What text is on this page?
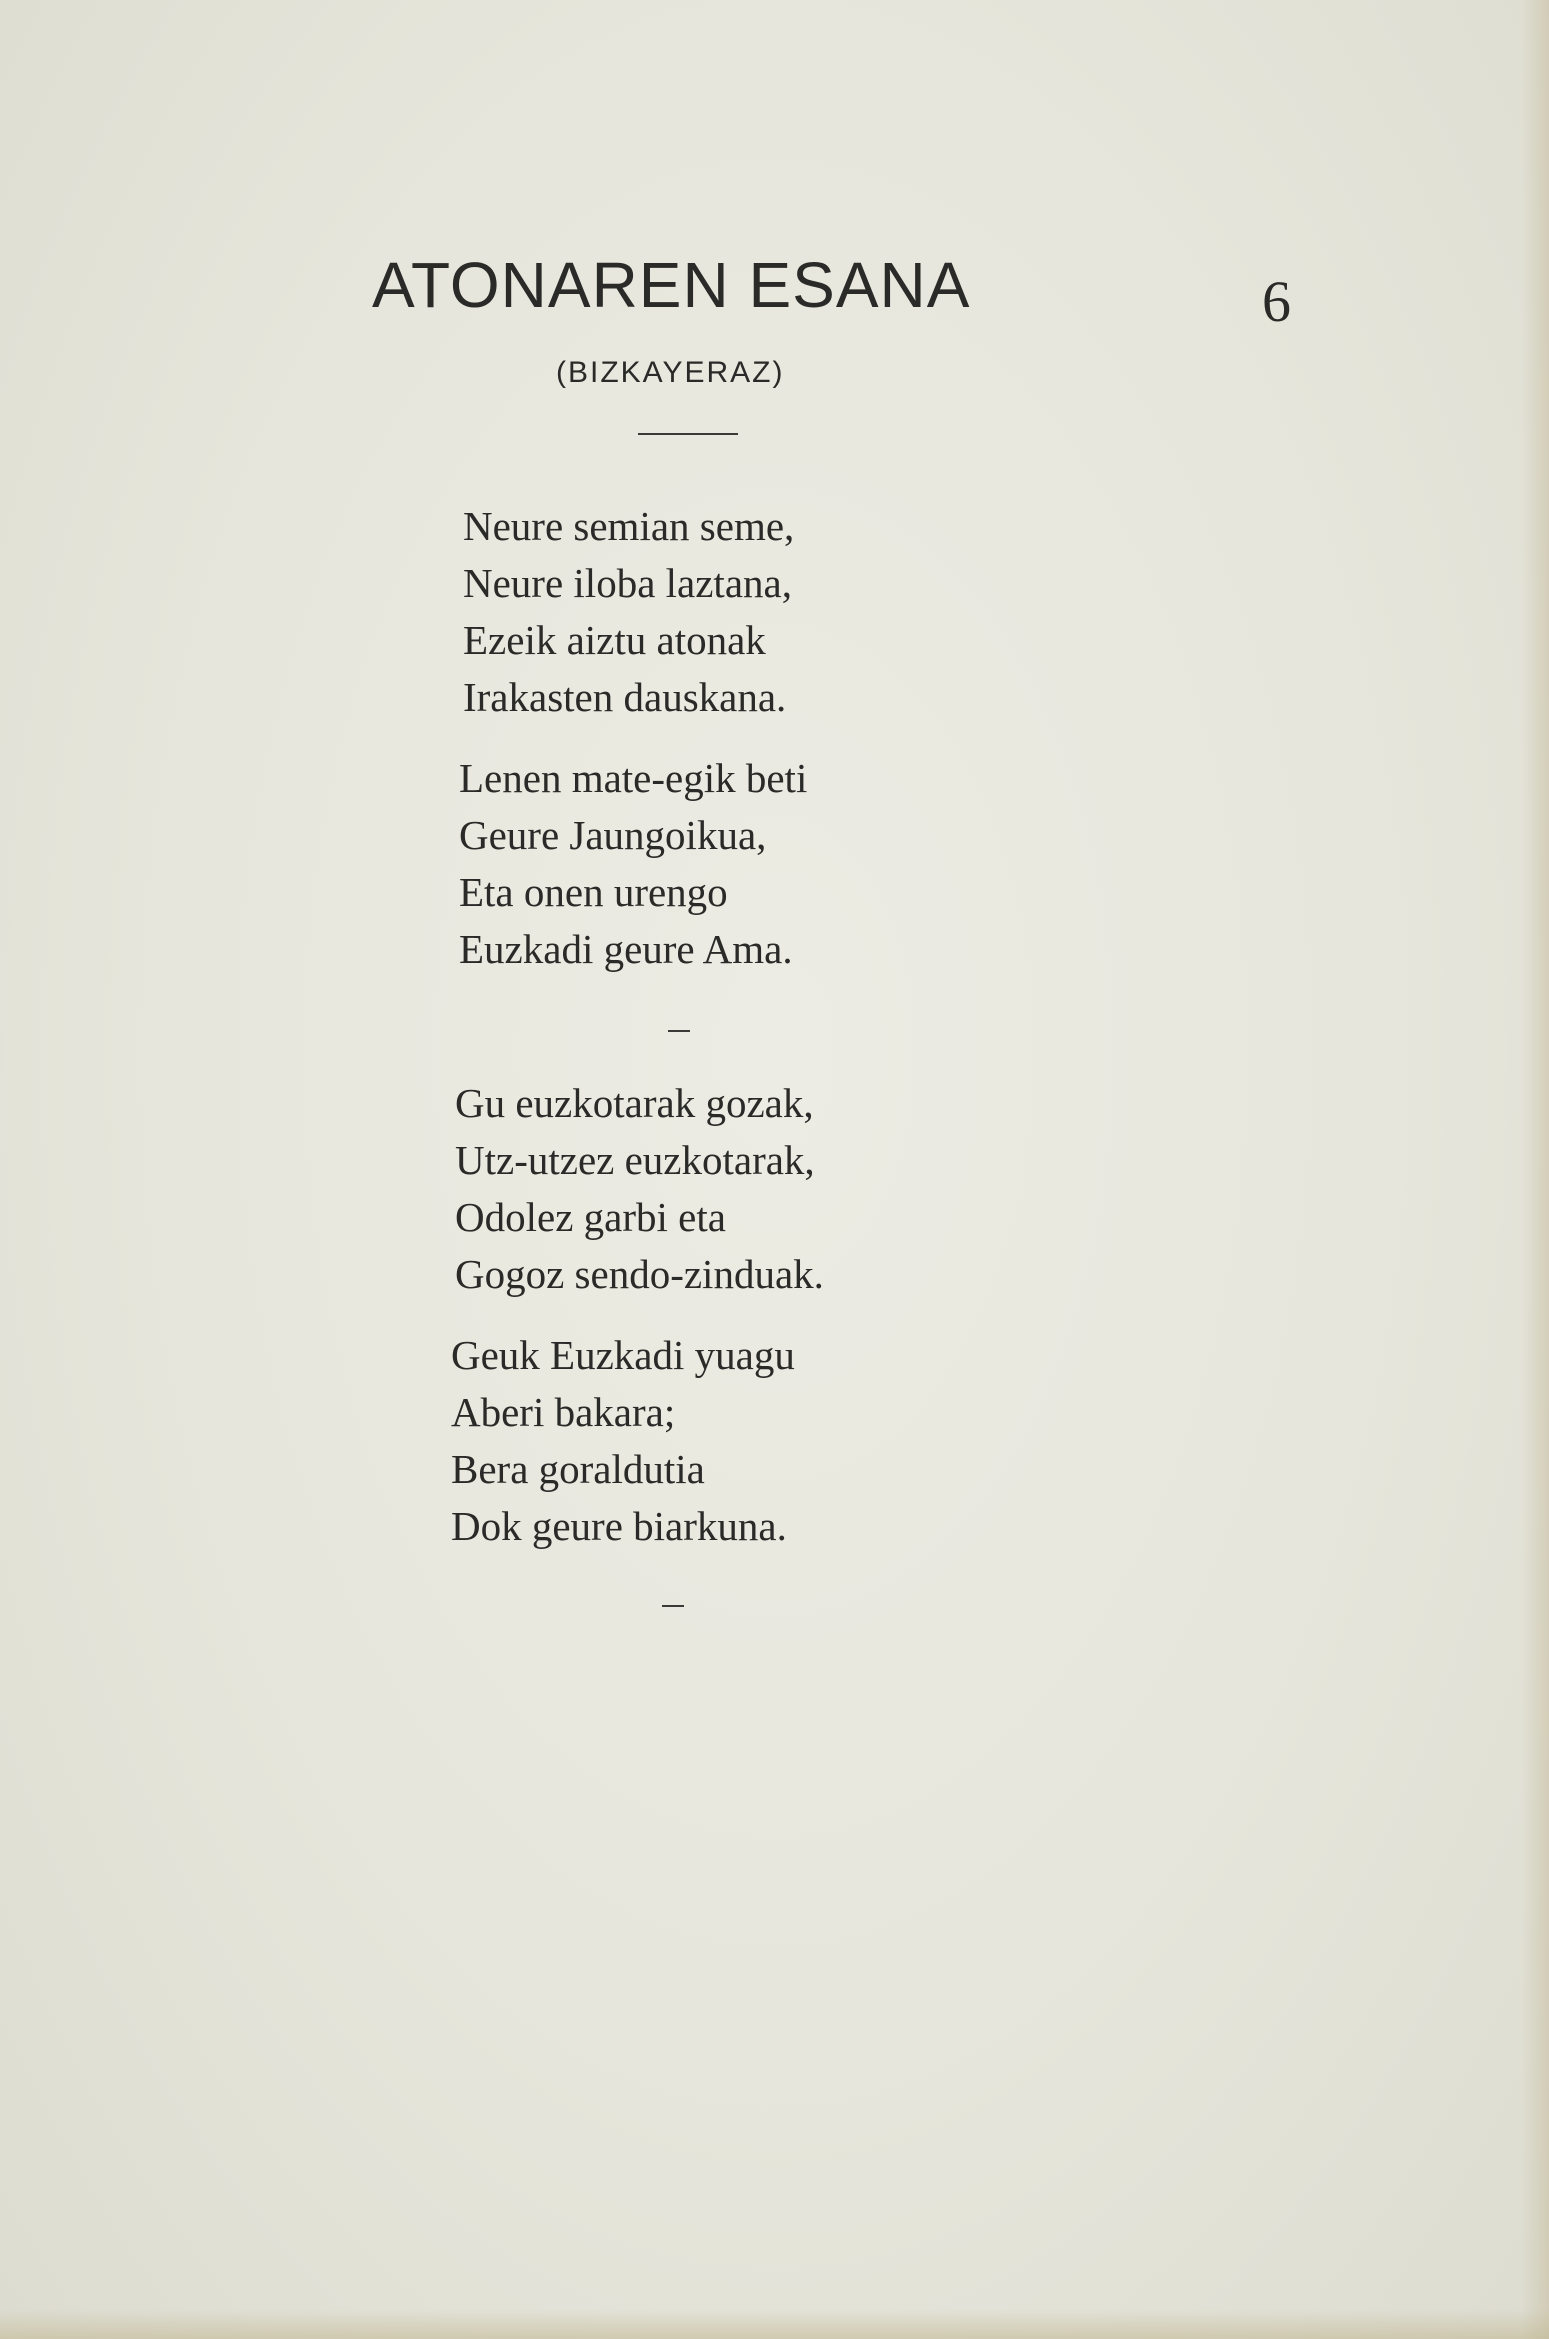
ATONAREN ESANA	6
(BIZKAYERAZ)
Neure semian seme,
Neure iloba laztana,
Ezeik aiztu atonak
Irakasten dauskana.
Lenen mate-egik beti
Geure Jaungoikua,
Eta onen urengo
Euzkadi geure Ama.
Gu euzkotarak gozak,
Utz-utzez euzkotarak,
Odolez garbi eta
Gogoz sendo-zinduak.
Geuk Euzkadi yuagu
Aberi bakara;
Bera goraldutia
Dok geure biarkuna.
